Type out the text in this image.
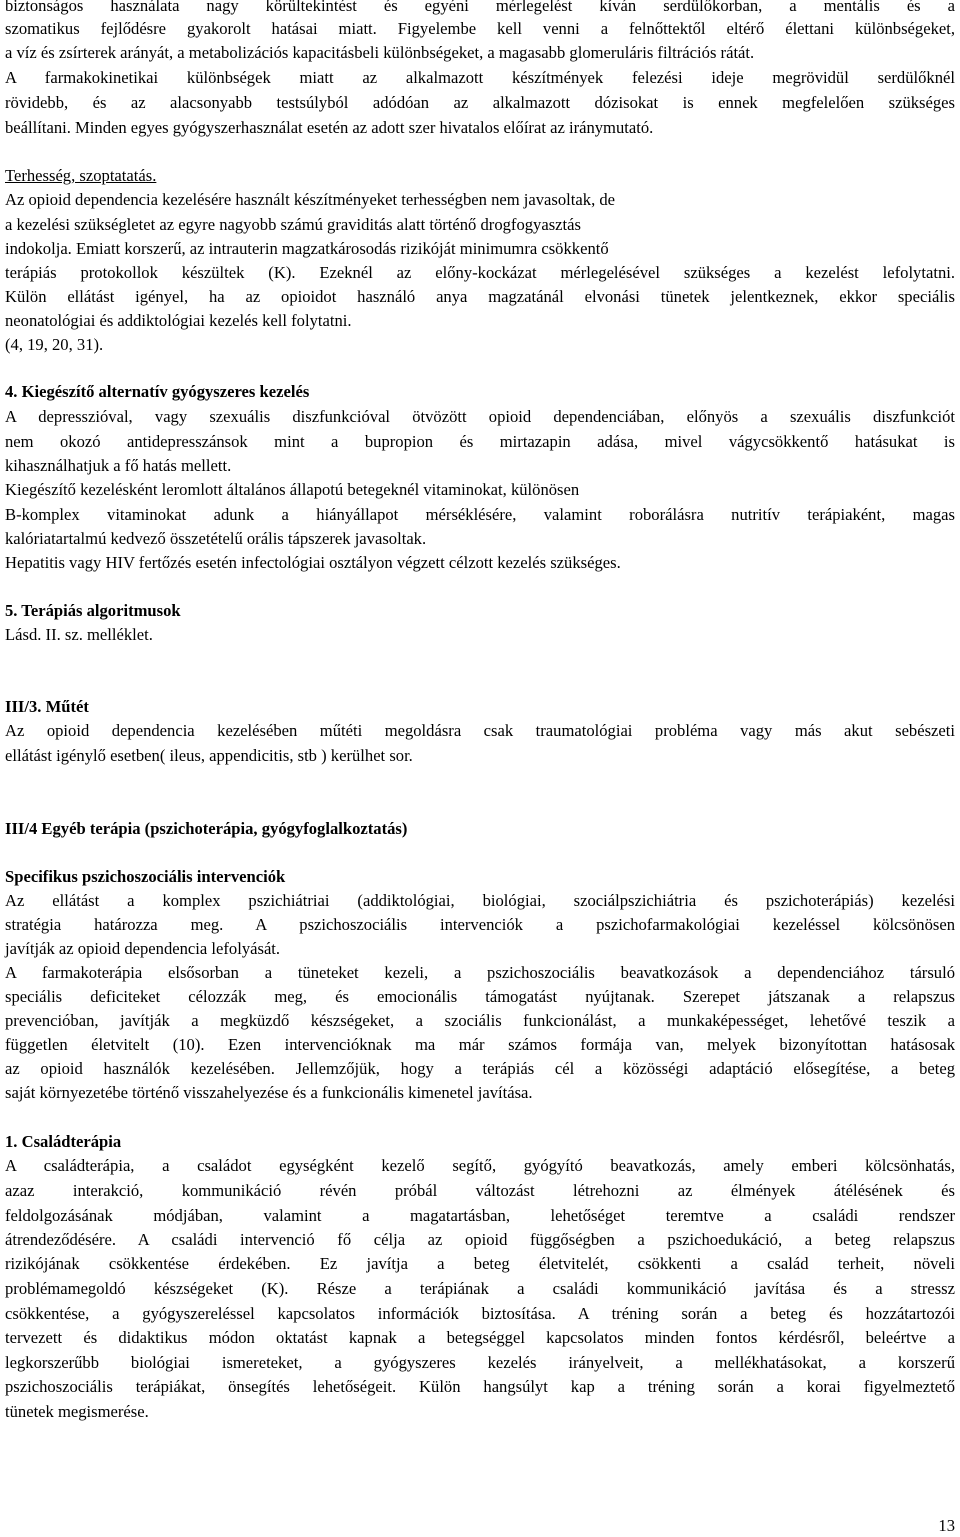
biztonságos használata nagy körültekintést és egyéni mérlegelést kíván serdülőkorban, a mentális és a
szomatikus fejlődésre gyakorolt hatásai miatt. Figyelembe kell venni a felnőttektől eltérő élettani különbségeket,
a víz és zsírterek arányát, a metabolizációs kapacitásbeli különbségeket, a magasabb glomeruláris filtrációs rátát.
A farmakokinetikai különbségek miatt az alkalmazott készítmények felezési ideje megrövidül serdülőknél
rövidebb, és az alacsonyabb testsúlyból adódóan az alkalmazott dózisokat is ennek megfelelően szükséges
beállítani. Minden egyes gyógyszerhasználat esetén az adott szer hivatalos előírat az iránymutató.
Terhesség, szoptatatás.
Az opioid dependencia kezelésére használt készítményeket terhességben nem javasoltak, de
a kezelési szükségletet az egyre nagyobb számú graviditás alatt történő drogfogyasztás
indokolja. Emiatt korszerű, az intrauterin magzatkárosodás rizikóját minimumra csökkentő
terápiás protokollok készültek (K). Ezeknél az előny-kockázat mérlegelésével szükséges a kezelést lefolytatni.
Külön ellátást igényel, ha az opioidot használó anya magzatánál elvonási tünetek jelentkeznek, ekkor speciális
neonatológiai és addiktológiai kezelés kell folytatni.
(4, 19, 20, 31).
4. Kiegészítő alternatív gyógyszeres kezelés
A depresszióval, vagy szexuális diszfunkcióval ötvözött opioid dependenciában, előnyös a szexuális diszfunkciót
nem okozó antidepresszánsok mint a bupropion és mirtazapin adása, mivel vágycsökkentő hatásukat is
kihasználhatjuk a fő hatás mellett.
Kiegészítő kezelésként leromlott általános állapotú betegeknél vitaminokat, különösen
B-komplex vitaminokat adunk a hiányállapot mérséklésére, valamint roborálásra nutritív terápiaként, magas
kalóriatartalmú kedvező összetételű orális tápszerek javasoltak.
Hepatitis vagy HIV fertőzés esetén infectológiai osztályon végzett célzott kezelés szükséges.
5. Terápiás algoritmusok
Lásd. II. sz. melléklet.
III/3. Műtét
Az opioid dependencia kezelésében műtéti megoldásra csak traumatológiai probléma vagy más akut sebészeti
ellátást igénylő esetben( ileus, appendicitis, stb ) kerülhet sor.
III/4 Egyéb terápia (pszichoterápia, gyógyfoglalkoztatás)
Specifikus pszichoszociális intervenciók
Az ellátást a komplex pszichiátriai (addiktológiai, biológiai, szociálpszichiátria és pszichoterápiás) kezelési
stratégia határozza meg. A pszichoszociális intervenciók a pszichofarmakológiai kezeléssel kölcsönösen
javítják az opioid dependencia lefolyását.
A farmakoterápia elsősorban a tüneteket kezeli, a pszichoszociális beavatkozások a dependenciához társuló
speciális deficiteket célozzák meg, és emocionális támogatást nyújtanak. Szerepet játszanak a relapszus
prevencióban, javítják a megküzdő készségeket, a szociális funkcionálást, a munkaképességet, lehetővé teszik a
független életvitelt (10). Ezen intervencióknak ma már számos formája van, melyek bizonyítottan hatásosak
az opioid használók kezelésében. Jellemzőjük, hogy a terápiás cél a közösségi adaptáció elősegítése, a beteg
saját környezetébe történő visszahelyezése és a funkcionális kimenetel javítása.
1. Családterápia
A családterápia, a családot egységként kezelő segítő, gyógyító beavatkozás, amely emberi kölcsönhatás,
azaz interakció, kommunikáció révén próbál változást létrehozni az élmények átélésének és
feldolgozásának módjában, valamint a magatartásban, lehetőséget teremtve a családi rendszer
átrendeződésére. A családi intervenció fő célja az opioid függőségben a pszichoedukáció, a beteg relapszus
rizikójának csökkentése érdekében. Ez javítja a beteg életvitelét, csökkenti a család terheit, növeli
problémamegoldó készségeket (K). Része a terápiának a családi kommunikáció javítása és a stressz
csökkentése, a gyógyszereléssel kapcsolatos információk biztosítása. A tréning során a beteg és hozzátartozói
tervezett és didaktikus módon oktatást kapnak a betegséggel kapcsolatos minden fontos kérdésről, beleértve a
legkorszerűbb biológiai ismereteket, a gyógyszeres kezelés irányelveit, a mellékhatásokat, a korszerű
pszichoszociális terápiákat, önsegítés lehetőségeit. Külön hangsúlyt kap a tréning során a korai figyelmeztető
tünetek megismerése.
13
